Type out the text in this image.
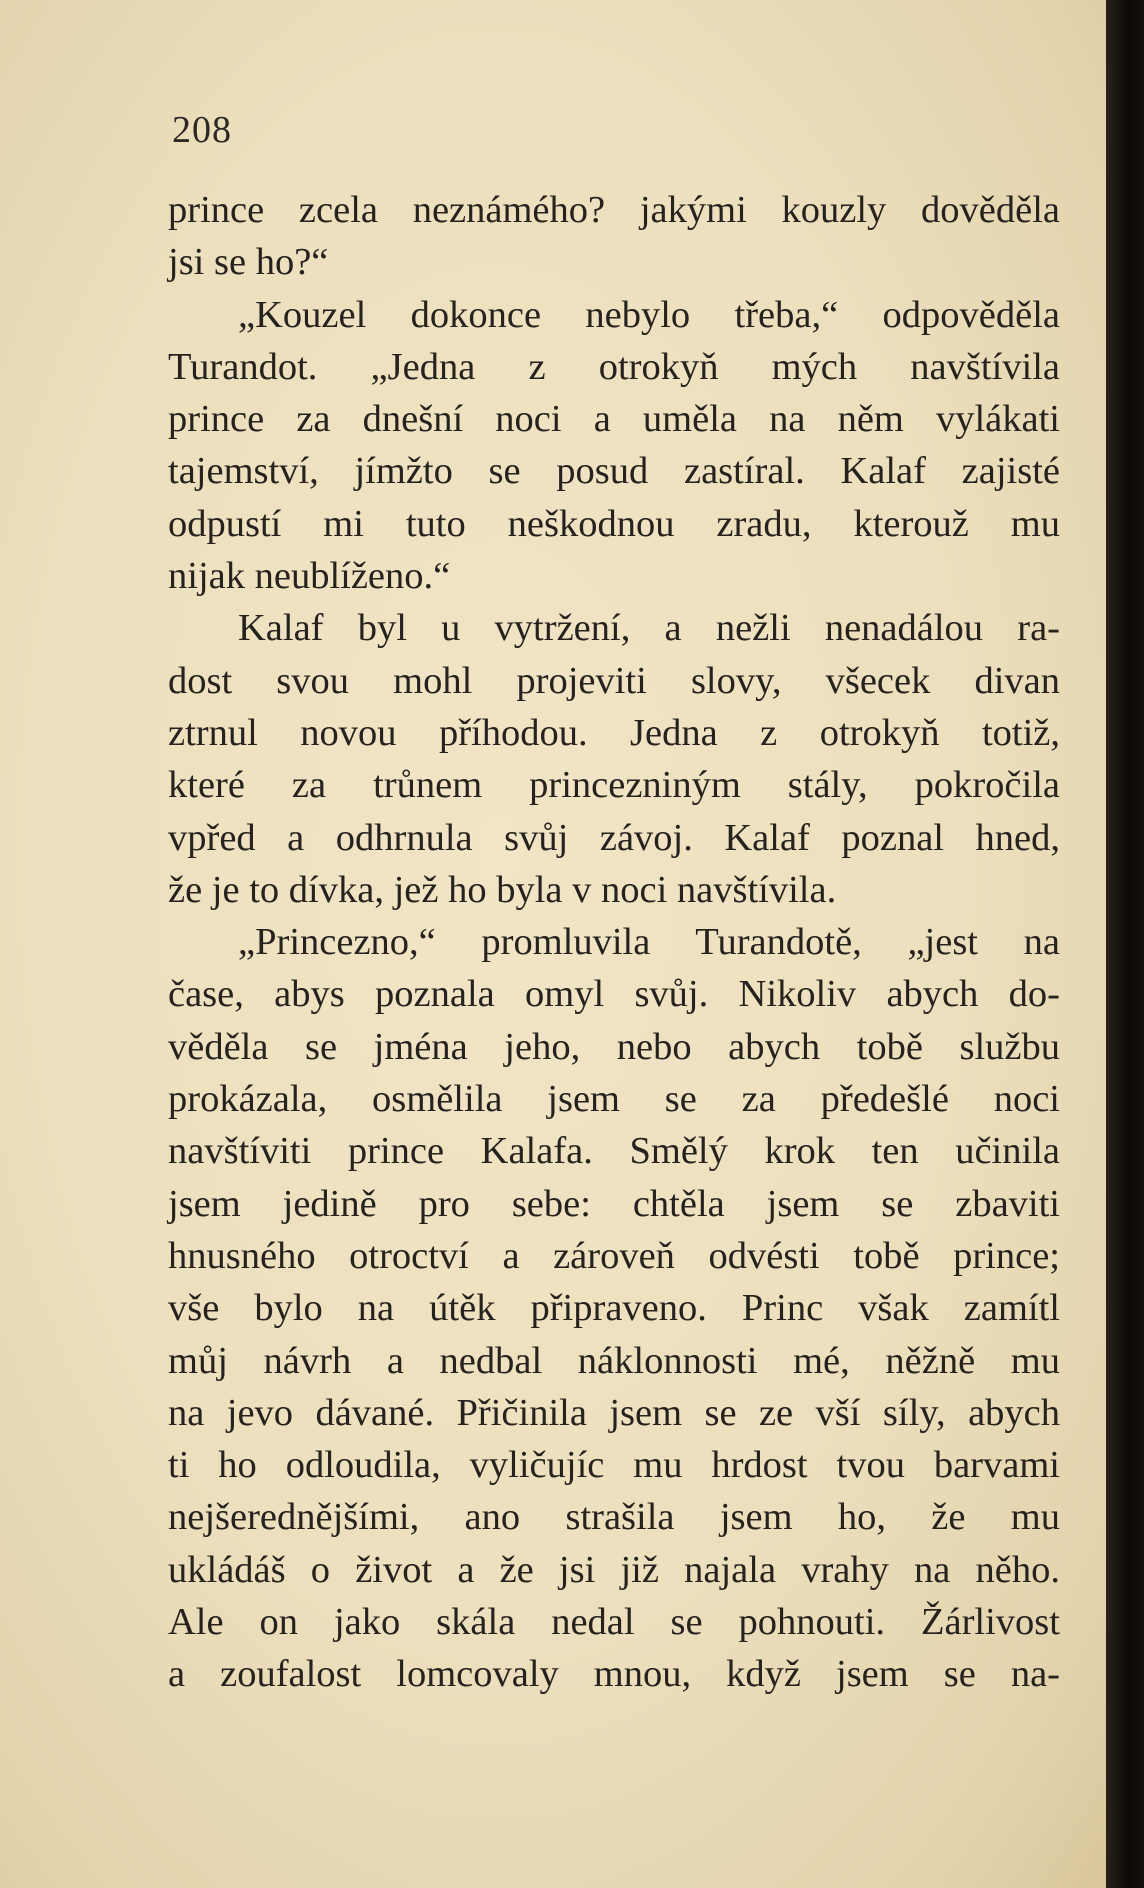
208
prince zcela neznámého? jakými kouzly dověděla
jsi se ho?“
„Kouzel dokonce nebylo třeba,“ odpověděla
Turandot. „Jedna z otrokyň mých navštívila
prince za dnešní noci a uměla na něm vylákati
tajemství, jímžto se posud zastíral. Kalaf zajisté
odpustí mi tuto neškodnou zradu, kterouž mu
nijak neublíženo.“
Kalaf byl u vytržení, a nežli nenadálou ra-
dost svou mohl projeviti slovy, všecek divan
ztrnul novou příhodou. Jedna z otrokyň totiž,
které za trůnem princezniným stály, pokročila
vpřed a odhrnula svůj závoj. Kalaf poznal hned,
že je to dívka, jež ho byla v noci navštívila.
„Princezno,“ promluvila Turandotě, „jest na
čase, abys poznala omyl svůj. Nikoliv abych do-
věděla se jména jeho, nebo abych tobě službu
prokázala, osmělila jsem se za předešlé noci
navštíviti prince Kalafa. Smělý krok ten učinila
jsem jedině pro sebe: chtěla jsem se zbaviti
hnusného otroctví a zároveň odvésti tobě prince;
vše bylo na útěk připraveno. Princ však zamítl
můj návrh a nedbal náklonnosti mé, něžně mu
na jevo dávané. Přičinila jsem se ze vší síly, abych
ti ho odloudila, vyličujíc mu hrdost tvou barvami
nejšerednějšími, ano strašila jsem ho, že mu
ukládáš o život a že jsi již najala vrahy na něho.
Ale on jako skála nedal se pohnouti. Žárlivost
a zoufalost lomcovaly mnou, když jsem se na-
